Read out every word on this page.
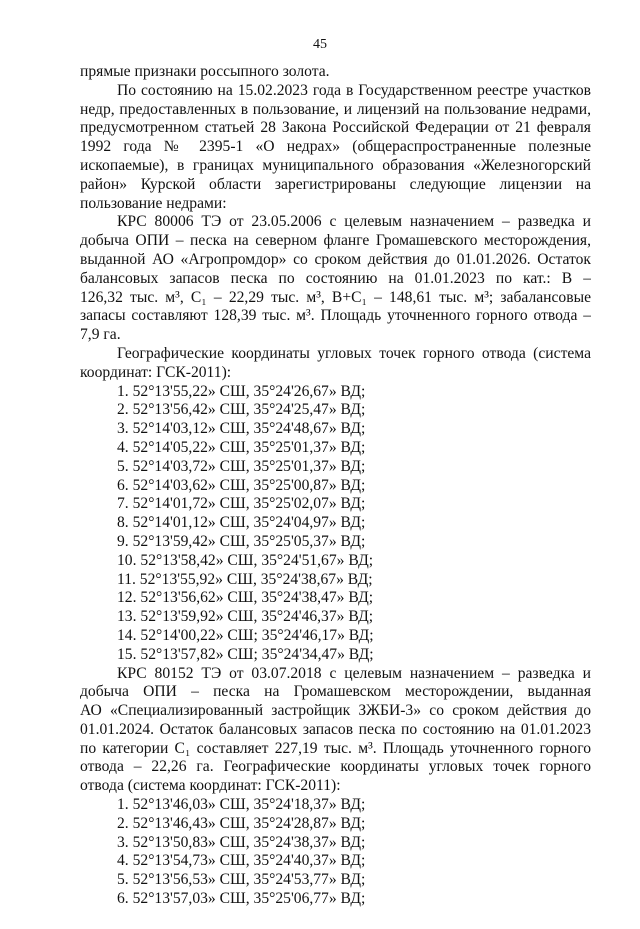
45
прямые признаки россыпного золота.
По состоянию на 15.02.2023 года в Государственном реестре участков
недр, предоставленных в пользование, и лицензий на пользование недрами,
предусмотренном статьей 28 Закона Российской Федерации от 21 февраля
1992 года № 2395-1 «О недрах» (общераспространенные полезные
ископаемые), в границах муниципального образования «Железногорский
район» Курской области зарегистрированы следующие лицензии на
пользование недрами:
КРС 80006 ТЭ от 23.05.2006 с целевым назначением – разведка и
добыча ОПИ – песка на северном фланге Громашевского месторождения,
выданной АО «Агропромдор» со сроком действия до 01.01.2026. Остаток
балансовых запасов песка по состоянию на 01.01.2023 по кат.: В –
126,32 тыс. м³, C₁ – 22,29 тыс. м³, В+C₁ – 148,61 тыс. м³; забалансовые
запасы составляют 128,39 тыс. м³. Площадь уточненного горного отвода –
7,9 га.
Географические координаты угловых точек горного отвода (система
координат: ГСК-2011):
1. 52°13'55,22» СШ, 35°24'26,67» ВД;
2. 52°13'56,42» СШ, 35°24'25,47» ВД;
3. 52°14'03,12» СШ, 35°24'48,67» ВД;
4. 52°14'05,22» СШ, 35°25'01,37» ВД;
5. 52°14'03,72» СШ, 35°25'01,37» ВД;
6. 52°14'03,62» СШ, 35°25'00,87» ВД;
7. 52°14'01,72» СШ, 35°25'02,07» ВД;
8. 52°14'01,12» СШ, 35°24'04,97» ВД;
9. 52°13'59,42» СШ, 35°25'05,37» ВД;
10. 52°13'58,42» СШ, 35°24'51,67» ВД;
11. 52°13'55,92» СШ, 35°24'38,67» ВД;
12. 52°13'56,62» СШ, 35°24'38,47» ВД;
13. 52°13'59,92» СШ, 35°24'46,37» ВД;
14. 52°14'00,22» СШ; 35°24'46,17» ВД;
15. 52°13'57,82» СШ; 35°24'34,47» ВД;
КРС 80152 ТЭ от 03.07.2018 с целевым назначением – разведка и
добыча ОПИ – песка на Громашевском месторождении, выданная
АО «Специализированный застройщик ЗЖБИ-3» со сроком действия до
01.01.2024. Остаток балансовых запасов песка по состоянию на 01.01.2023
по категории C₁ составляет 227,19 тыс. м³. Площадь уточненного горного
отвода – 22,26 га. Географические координаты угловых точек горного
отвода (система координат: ГСК-2011):
1. 52°13'46,03» СШ, 35°24'18,37» ВД;
2. 52°13'46,43» СШ, 35°24'28,87» ВД;
3. 52°13'50,83» СШ, 35°24'38,37» ВД;
4. 52°13'54,73» СШ, 35°24'40,37» ВД;
5. 52°13'56,53» СШ, 35°24'53,77» ВД;
6. 52°13'57,03» СШ, 35°25'06,77» ВД;
